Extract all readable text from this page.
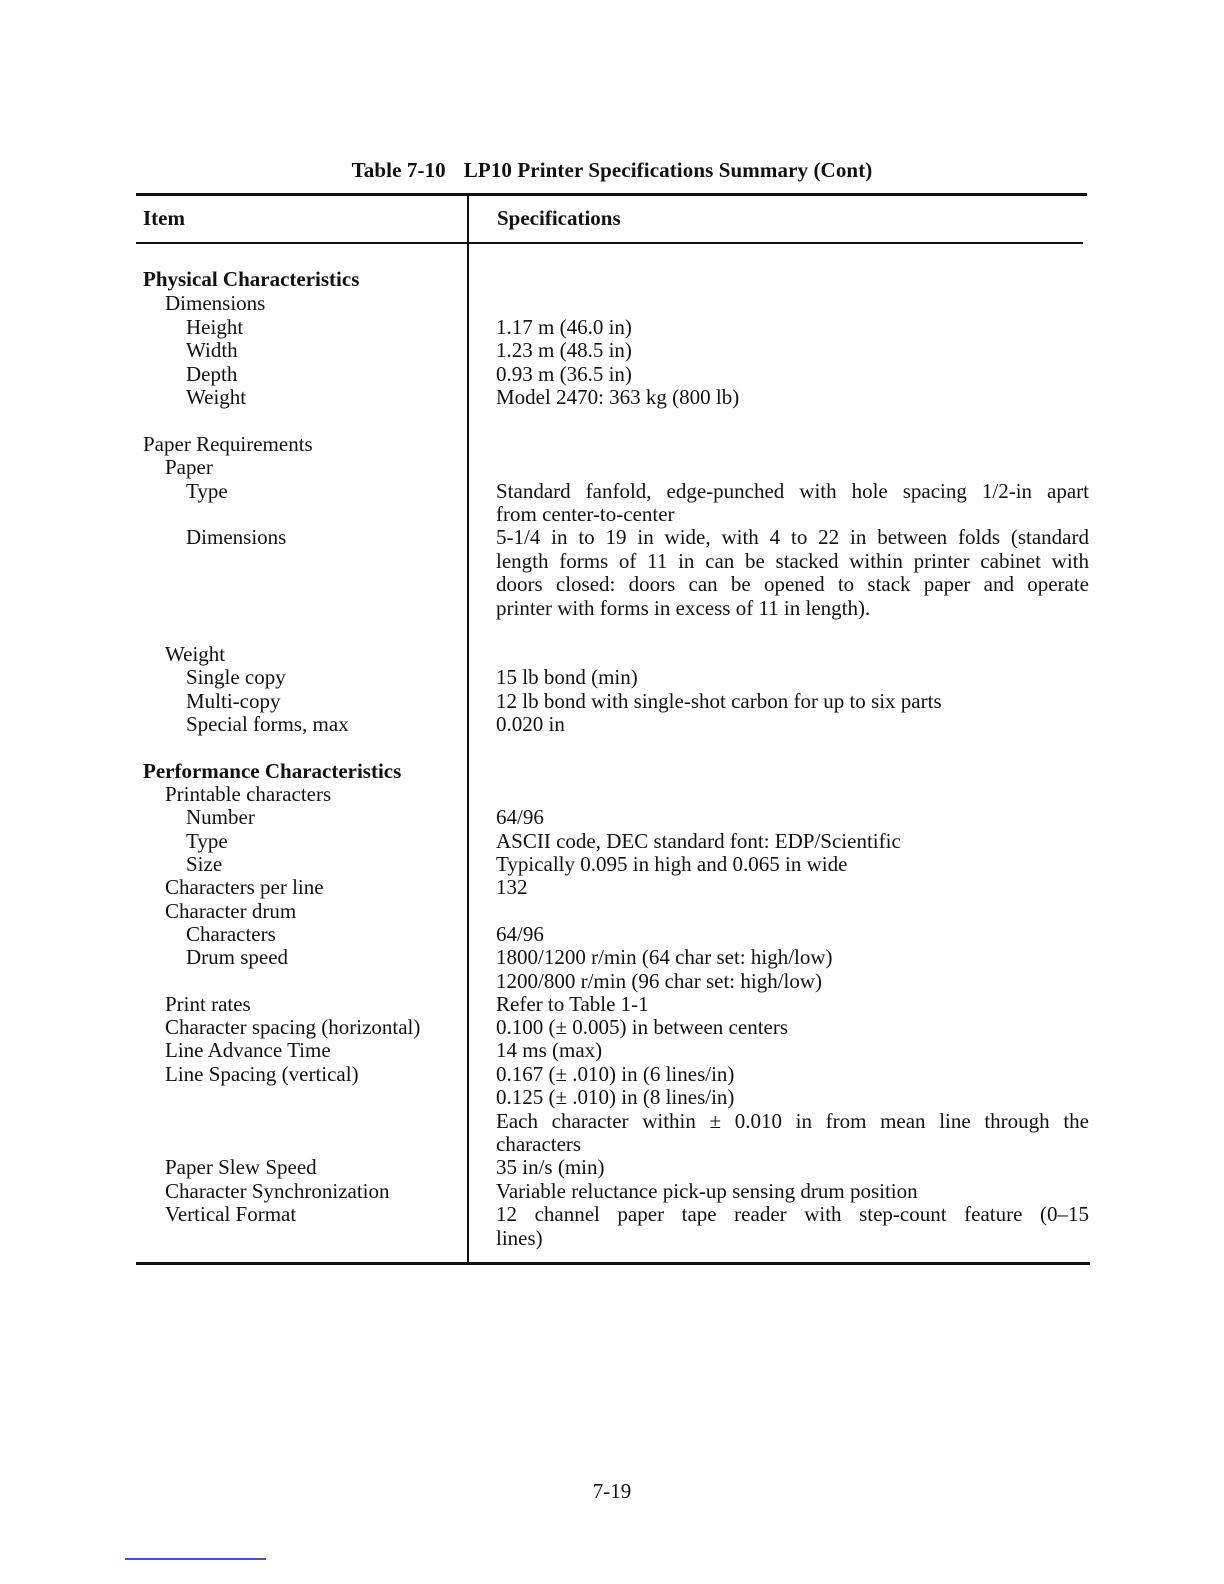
Table 7-10 LP10 Printer Specifications Summary (Cont)
Item	Specifications
Physical Characteristics
Dimensions
Height	1.17 m (46.0 in)
Width	1.23 m (48.5 in)
Depth	0.93 m (36.5 in)
Weight	Model 2470: 363 kg (800 lb)
Paper Requirements
Paper
Type	Standard fanfold, edge-punched with hole spacing 1/2-in apart
from center-to-center
Dimensions	5-1/4 in to 19 in wide, with 4 to 22 in between folds (standard
length forms of 11 in can be stacked within printer cabinet with
doors closed: doors can be opened to stack paper and operate
printer with forms in excess of 11 in length).
Weight
Single copy	15 lb bond (min)
Multi-copy	12 lb bond with single-shot carbon for up to six parts
Special forms, max	0.020 in
Performance Characteristics
Printable characters
Number	64/96
Type	ASCII code, DEC standard font: EDP/Scientific
Size	Typically 0.095 in high and 0.065 in wide
Characters per line	132
Character drum
Characters	64/96
Drum speed	1800/1200 r/min (64 char set: high/low)
1200/800 r/min (96 char set: high/low)
Print rates	Refer to Table 1-1
Character spacing (horizontal)	0.100 (± 0.005) in between centers
Line Advance Time	14 ms (max)
Line Spacing (vertical)	0.167 (± .010) in (6 lines/in)
0.125 (± .010) in (8 lines/in)
Each character within ± 0.010 in from mean line through the
characters
Paper Slew Speed	35 in/s (min)
Character Synchronization	Variable reluctance pick-up sensing drum position
Vertical Format	12 channel paper tape reader with step-count feature (0–15
lines)
7-19
